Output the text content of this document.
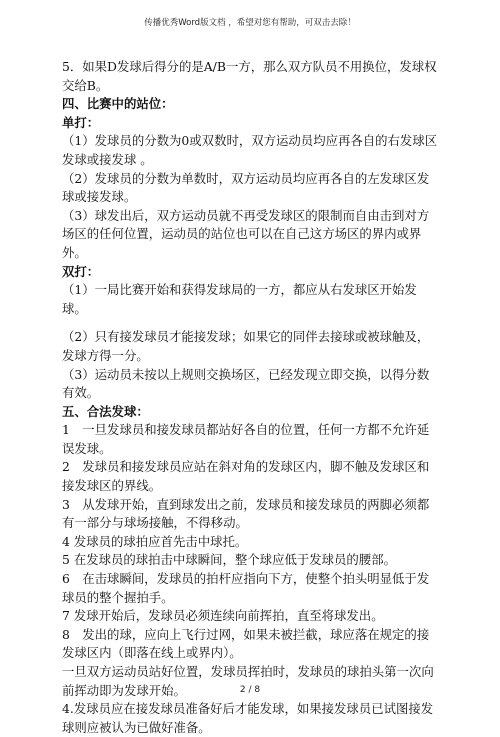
传播优秀Word版文档 ，希望对您有帮助，可双击去除！

5．如果D发球后得分的是A/B一方，那么双方队员不用换位，发球权交给B。

四、比赛中的站位：

单打：

（1）发球员的分数为0或双数时，双方运动员均应再各自的右发球区发球或接发球 。

（2）发球员的分数为单数时，双方运动员均应再各自的左发球区发球或接发球。

（3）球发出后，双方运动员就不再受发球区的限制而自由击到对方场区的任何位置，运动员的站位也可以在自己这方场区的界内或界外。

双打：

（1）一局比赛开始和获得发球局的一方，都应从右发球区开始发球。

（2）只有接发球员才能接发球；如果它的同伴去接球或被球触及，发球方得一分。

（3）运动员未按以上规则交换场区，已经发现立即交换，以得分数有效。

五、合法发球：

1　一旦发球员和接发球员都站好各自的位置，任何一方都不允许延误发球。

2　发球员和接发球员应站在斜对角的发球区内，脚不触及发球区和接发球区的界线。

3　从发球开始，直到球发出之前，发球员和接发球员的两脚必须都有一部分与球场接触，不得移动。

4 发球员的球拍应首先击中球托。

5 在发球员的球拍击中球瞬间，整个球应低于发球员的腰部。

6　在击球瞬间，发球员的拍杆应指向下方，使整个拍头明显低于发球员的整个握拍手。

7 发球开始后，发球员必须连续向前挥拍，直至将球发出。

8　发出的球，应向上飞行过网，如果未被拦截，球应落在规定的接发球区内（即落在线上或界内）。

一旦双方运动员站好位置，发球员挥拍时，发球员的球拍头第一次向前挥动即为发球开始。

4.发球员应在接发球员准备好后才能发球，如果接发球员已试图接发球则应被认为已做好准备。

2 / 8
